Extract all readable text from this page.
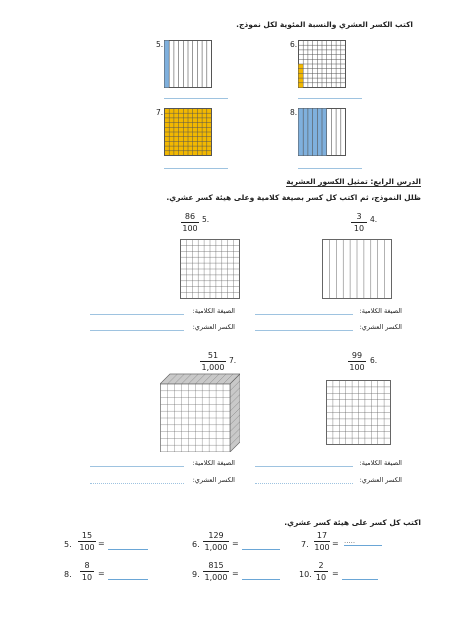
اكتب الكسر العشري والنسبة المئوية لكل نموذج.
5.	6.
7.	8.
الدرس الرابع: تمثيل الكسور العشرية
ظلل النموذج، ثم اكتب كل كسر بصيغة كلامية وعلى هيئة كسر عشري.
4.
3
10
5.
86
100
الصيغة الكلامية:
الكسر العشري:
الصيغة الكلامية:
الكسر العشري:
6.
99
100
7.
51
1,000
الصيغة الكلامية:
الكسر العشري:
الصيغة الكلامية:
الكسر العشري:
اكتب كل كسر على هيئة كسر عشري.
5.
15
100 =	6.
129
1,000 =	7.
17
100 = .....
8.
8
10 =	9.
815
1,000 =	10.
2
10 =
